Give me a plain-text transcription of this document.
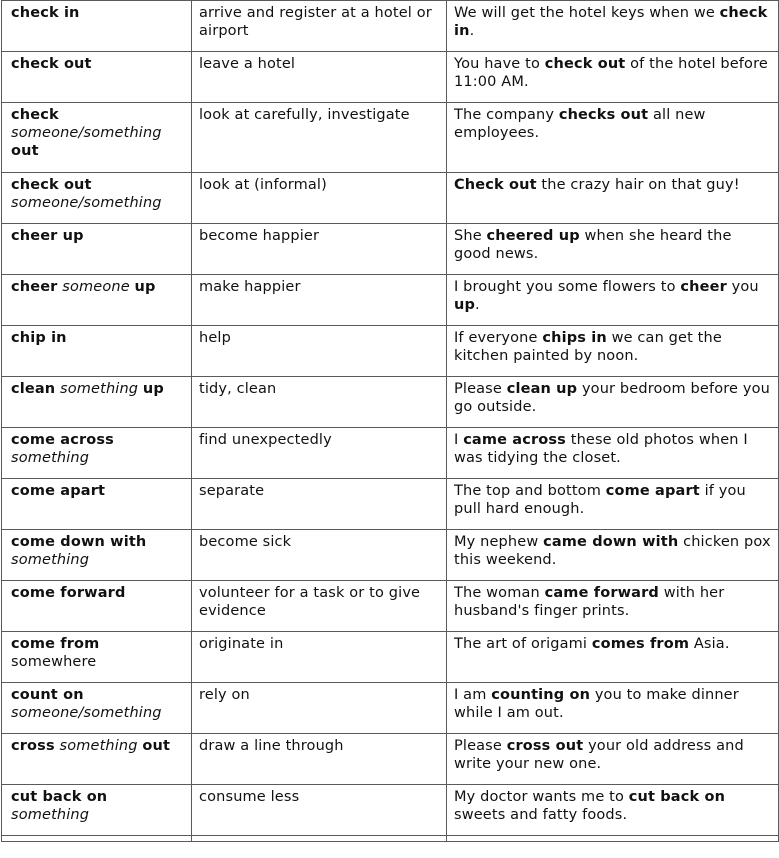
check in	arrive and register at a hotel or airport	We will get the hotel keys when we check in.
check out	leave a hotel	You have to check out of the hotel before 11:00 AM.
check someone/something out	look at carefully, investigate	The company checks out all new employees.
check out someone/something	look at (informal)	Check out the crazy hair on that guy!
cheer up	become happier	She cheered up when she heard the good news.
cheer someone up	make happier	I brought you some flowers to cheer you up.
chip in	help	If everyone chips in we can get the kitchen painted by noon.
clean something up	tidy, clean	Please clean up your bedroom before you go outside.
come across something	find unexpectedly	I came across these old photos when I was tidying the closet.
come apart	separate	The top and bottom come apart if you pull hard enough.
come down with something	become sick	My nephew came down with chicken pox this weekend.
come forward	volunteer for a task or to give evidence	The woman came forward with her husband's finger prints.
come from somewhere	originate in	The art of origami comes from Asia.
count on someone/something	rely on	I am counting on you to make dinner while I am out.
cross something out	draw a line through	Please cross out your old address and write your new one.
cut back on something	consume less	My doctor wants me to cut back on sweets and fatty foods.
